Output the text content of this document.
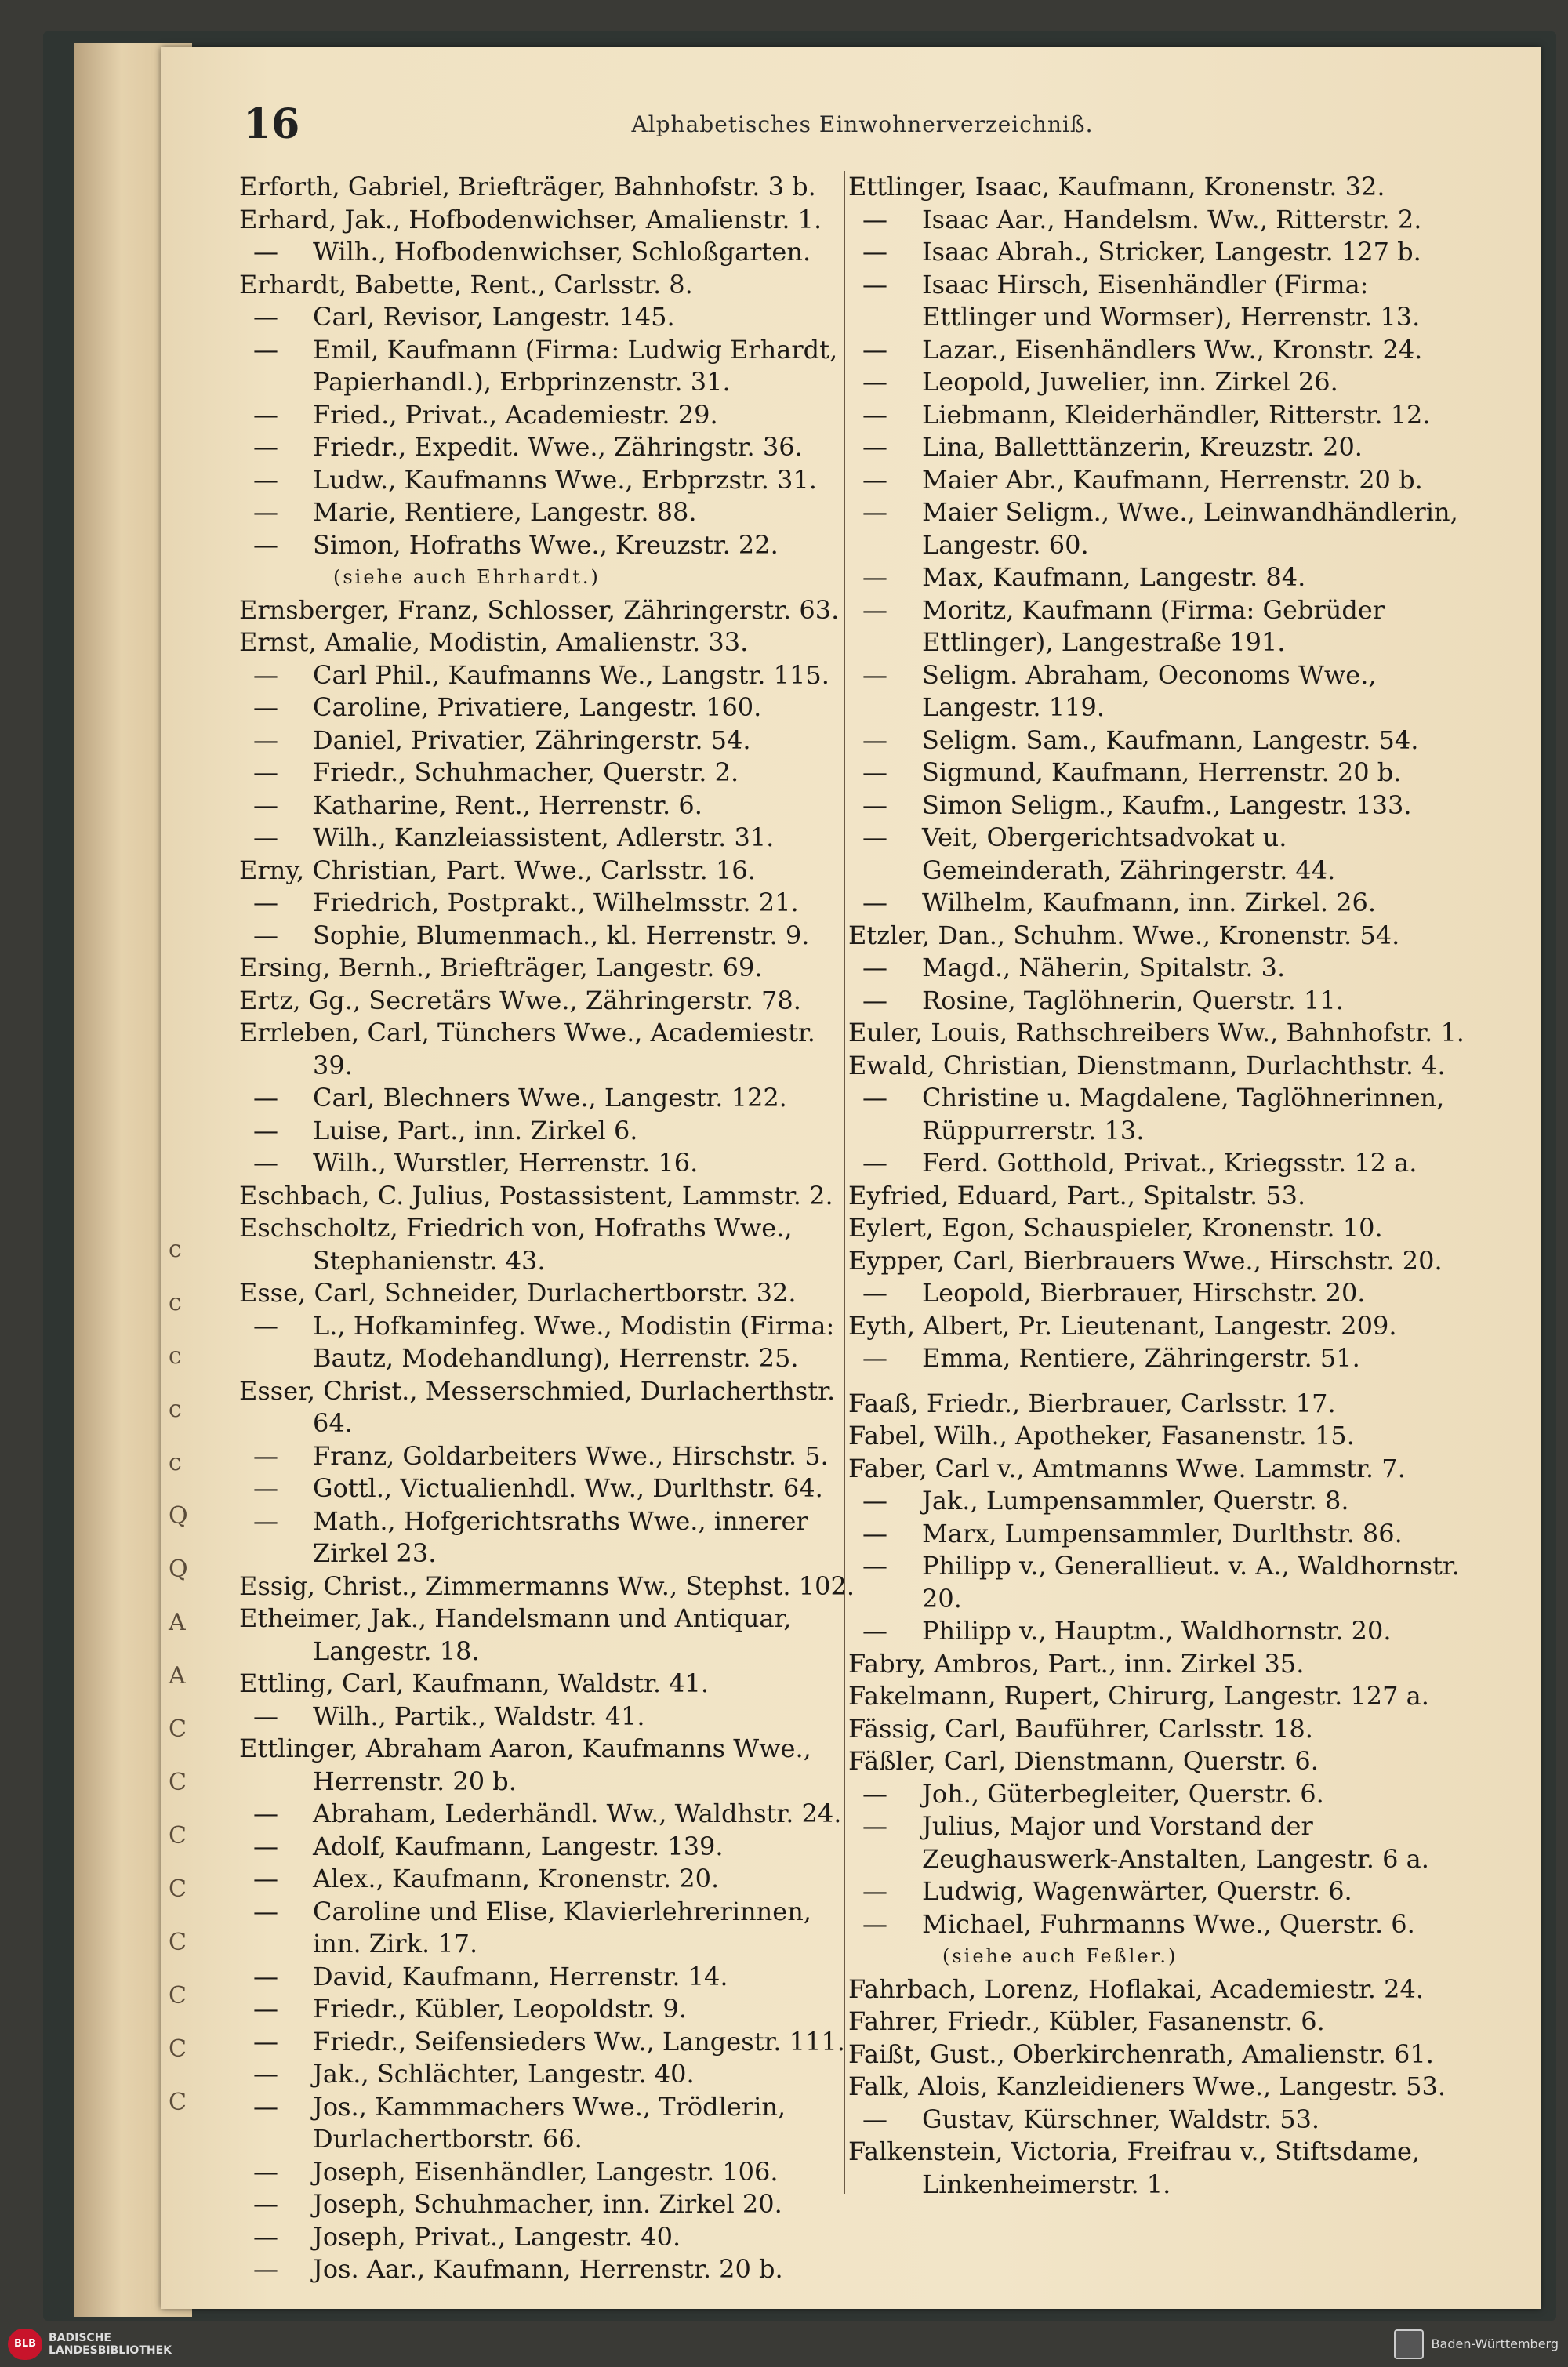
c
c
c
c
c
Q
Q
A
A
C
C
C
C
C
C
C
C
16	Alphabetisches Einwohnerverzeichniß.

Erforth, Gabriel, Briefträger, Bahnhofstr. 3 b.

Erhard, Jak., Hofbodenwichser, Amalienstr. 1.

— Wilh., Hofbodenwichser, Schloßgarten.

Erhardt, Babette, Rent., Carlsstr. 8.

— Carl, Revisor, Langestr. 145.

— Emil, Kaufmann (Firma: Ludwig Erhardt, Papierhandl.), Erbprinzenstr. 31.

— Fried., Privat., Academiestr. 29.

— Friedr., Expedit. Wwe., Zähringstr. 36.

— Ludw., Kaufmanns Wwe., Erbprzstr. 31.

— Marie, Rentiere, Langestr. 88.

— Simon, Hofraths Wwe., Kreuzstr. 22.

(siehe auch Ehrhardt.)

Ernsberger, Franz, Schlosser, Zähringerstr. 63.

Ernst, Amalie, Modistin, Amalienstr. 33.

— Carl Phil., Kaufmanns We., Langstr. 115.

— Caroline, Privatiere, Langestr. 160.

— Daniel, Privatier, Zähringerstr. 54.

— Friedr., Schuhmacher, Querstr. 2.

— Katharine, Rent., Herrenstr. 6.

— Wilh., Kanzleiassistent, Adlerstr. 31.

Erny, Christian, Part. Wwe., Carlsstr. 16.

— Friedrich, Postprakt., Wilhelmsstr. 21.

— Sophie, Blumenmach., kl. Herrenstr. 9.

Ersing, Bernh., Briefträger, Langestr. 69.

Ertz, Gg., Secretärs Wwe., Zähringerstr. 78.

Errleben, Carl, Tünchers Wwe., Academiestr. 39.

— Carl, Blechners Wwe., Langestr. 122.

— Luise, Part., inn. Zirkel 6.

— Wilh., Wurstler, Herrenstr. 16.

Eschbach, C. Julius, Postassistent, Lammstr. 2.

Eschscholtz, Friedrich von, Hofraths Wwe., Stephanienstr. 43.

Esse, Carl, Schneider, Durlachertborstr. 32.

— L., Hofkaminfeg. Wwe., Modistin (Firma: Bautz, Modehandlung), Herrenstr. 25.

Esser, Christ., Messerschmied, Durlacherthstr. 64.

— Franz, Goldarbeiters Wwe., Hirschstr. 5.

— Gottl., Victualienhdl. Ww., Durlthstr. 64.

— Math., Hofgerichtsraths Wwe., innerer Zirkel 23.

Essig, Christ., Zimmermanns Ww., Stephst. 102.

Etheimer, Jak., Handelsmann und Antiquar, Langestr. 18.

Ettling, Carl, Kaufmann, Waldstr. 41.

— Wilh., Partik., Waldstr. 41.

Ettlinger, Abraham Aaron, Kaufmanns Wwe., Herrenstr. 20 b.

— Abraham, Lederhändl. Ww., Waldhstr. 24.

— Adolf, Kaufmann, Langestr. 139.

— Alex., Kaufmann, Kronenstr. 20.

— Caroline und Elise, Klavierlehrerinnen, inn. Zirk. 17.

— David, Kaufmann, Herrenstr. 14.

— Friedr., Kübler, Leopoldstr. 9.

— Friedr., Seifensieders Ww., Langestr. 111.

— Jak., Schlächter, Langestr. 40.

— Jos., Kammmachers Wwe., Trödlerin, Durlachertborstr. 66.

— Joseph, Eisenhändler, Langestr. 106.

— Joseph, Schuhmacher, inn. Zirkel 20.

— Joseph, Privat., Langestr. 40.

— Jos. Aar., Kaufmann, Herrenstr. 20 b.

Ettlinger, Isaac, Kaufmann, Kronenstr. 32.

— Isaac Aar., Handelsm. Ww., Ritterstr. 2.

— Isaac Abrah., Stricker, Langestr. 127 b.

— Isaac Hirsch, Eisenhändler (Firma: Ettlinger und Wormser), Herrenstr. 13.

— Lazar., Eisenhändlers Ww., Kronstr. 24.

— Leopold, Juwelier, inn. Zirkel 26.

— Liebmann, Kleiderhändler, Ritterstr. 12.

— Lina, Balletttänzerin, Kreuzstr. 20.

— Maier Abr., Kaufmann, Herrenstr. 20 b.

— Maier Seligm., Wwe., Leinwandhändlerin, Langestr. 60.

— Max, Kaufmann, Langestr. 84.

— Moritz, Kaufmann (Firma: Gebrüder Ettlinger), Langestraße 191.

— Seligm. Abraham, Oeconoms Wwe., Langestr. 119.

— Seligm. Sam., Kaufmann, Langestr. 54.

— Sigmund, Kaufmann, Herrenstr. 20 b.

— Simon Seligm., Kaufm., Langestr. 133.

— Veit, Obergerichtsadvokat u. Gemeinderath, Zähringerstr. 44.

— Wilhelm, Kaufmann, inn. Zirkel. 26.

Etzler, Dan., Schuhm. Wwe., Kronenstr. 54.

— Magd., Näherin, Spitalstr. 3.

— Rosine, Taglöhnerin, Querstr. 11.

Euler, Louis, Rathschreibers Ww., Bahnhofstr. 1.

Ewald, Christian, Dienstmann, Durlachthstr. 4.

— Christine u. Magdalene, Taglöhnerinnen, Rüppurrerstr. 13.

— Ferd. Gotthold, Privat., Kriegsstr. 12 a.

Eyfried, Eduard, Part., Spitalstr. 53.

Eylert, Egon, Schauspieler, Kronenstr. 10.

Eypper, Carl, Bierbrauers Wwe., Hirschstr. 20.

— Leopold, Bierbrauer, Hirschstr. 20.

Eyth, Albert, Pr. Lieutenant, Langestr. 209.

— Emma, Rentiere, Zähringerstr. 51.

Faaß, Friedr., Bierbrauer, Carlsstr. 17.

Fabel, Wilh., Apotheker, Fasanenstr. 15.

Faber, Carl v., Amtmanns Wwe. Lammstr. 7.

— Jak., Lumpensammler, Querstr. 8.

— Marx, Lumpensammler, Durlthstr. 86.

— Philipp v., Generallieut. v. A., Waldhornstr. 20.

— Philipp v., Hauptm., Waldhornstr. 20.

Fabry, Ambros, Part., inn. Zirkel 35.

Fakelmann, Rupert, Chirurg, Langestr. 127 a.

Fässig, Carl, Bauführer, Carlsstr. 18.

Fäßler, Carl, Dienstmann, Querstr. 6.

— Joh., Güterbegleiter, Querstr. 6.

— Julius, Major und Vorstand der Zeughauswerk-Anstalten, Langestr. 6 a.

— Ludwig, Wagenwärter, Querstr. 6.

— Michael, Fuhrmanns Wwe., Querstr. 6.

(siehe auch Feßler.)

Fahrbach, Lorenz, Hoflakai, Academiestr. 24.

Fahrer, Friedr., Kübler, Fasanenstr. 6.

Faißt, Gust., Oberkirchenrath, Amalienstr. 61.

Falk, Alois, Kanzleidieners Wwe., Langestr. 53.

— Gustav, Kürschner, Waldstr. 53.

Falkenstein, Victoria, Freifrau v., Stiftsdame, Linkenheimerstr. 1.

BLB	BADISCHE
LANDESBIBLIOTHEK	Baden-Württemberg
